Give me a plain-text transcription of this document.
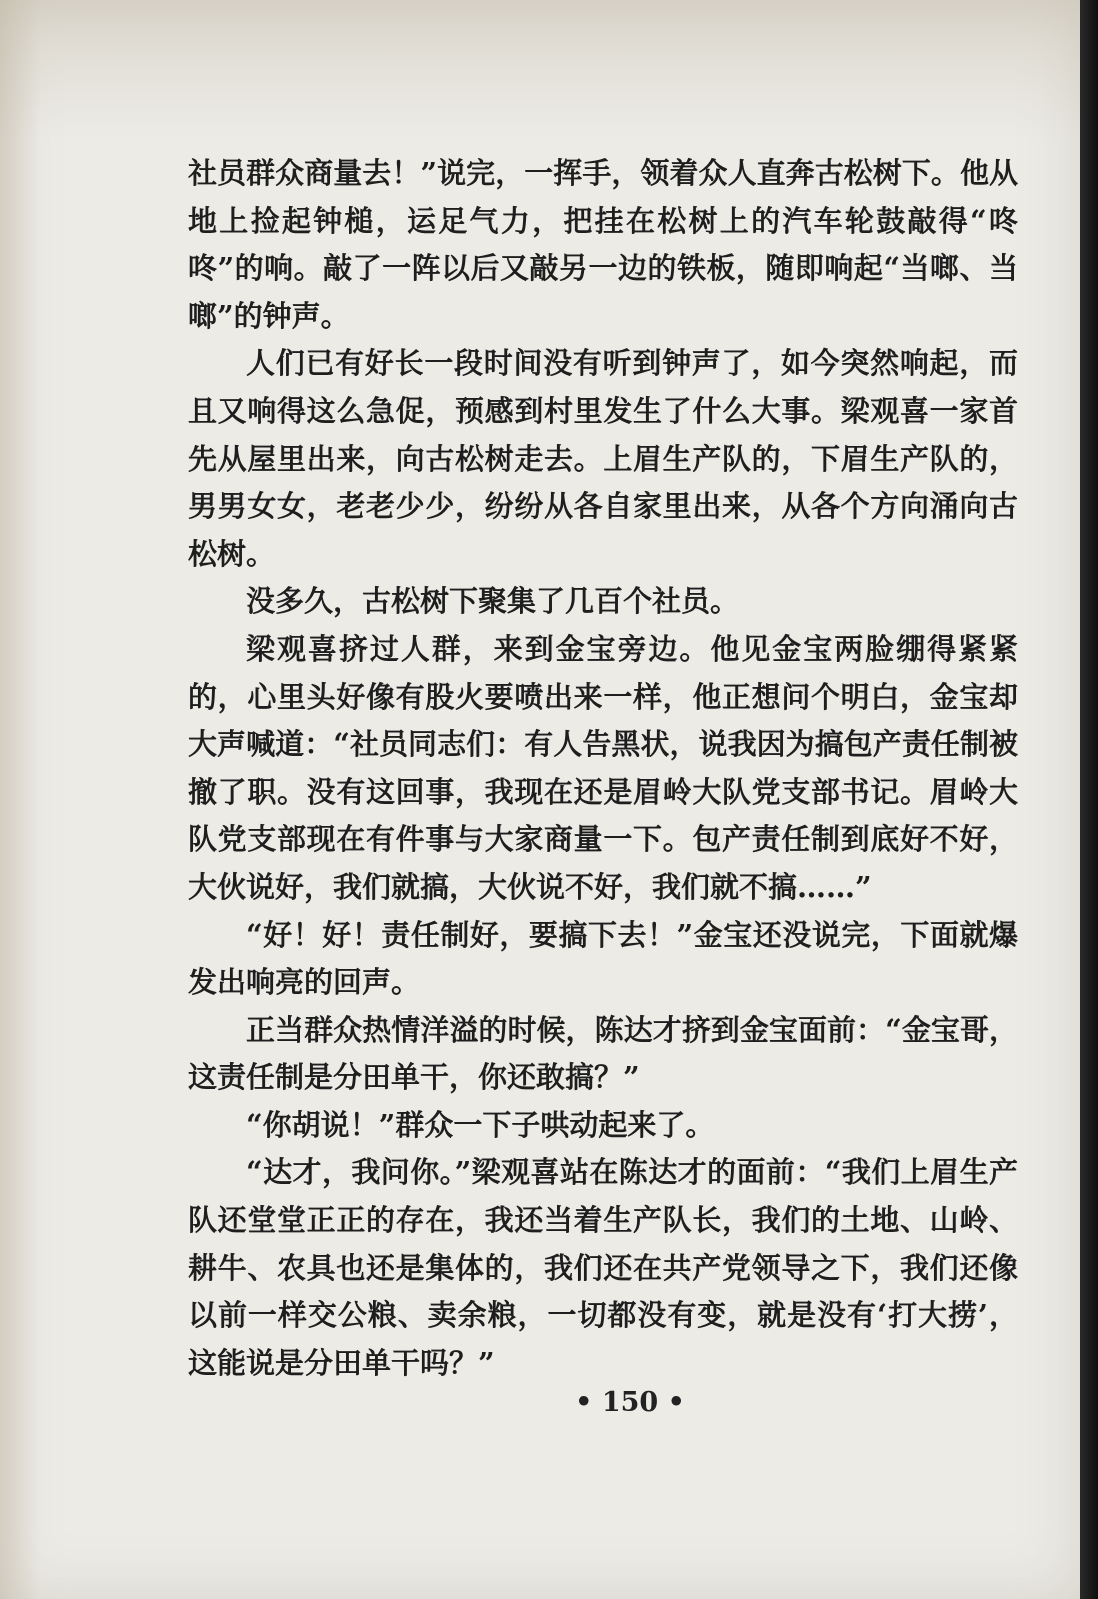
社员群众商量去！”说完，一挥手，领着众人直奔古松树下。他从地上捡起钟槌，运足气力，把挂在松树上的汽车轮鼓敲得“咚咚”的响。敲了一阵以后又敲另一边的铁板，随即响起“当啷、当啷”的钟声。

人们已有好长一段时间没有听到钟声了，如今突然响起，而且又响得这么急促，预感到村里发生了什么大事。梁观喜一家首先从屋里出来，向古松树走去。上眉生产队的，下眉生产队的，男男女女，老老少少，纷纷从各自家里出来，从各个方向涌向古松树。

没多久，古松树下聚集了几百个社员。

梁观喜挤过人群，来到金宝旁边。他见金宝两脸绷得紧紧的，心里头好像有股火要喷出来一样，他正想问个明白，金宝却大声喊道：“社员同志们：有人告黑状，说我因为搞包产责任制被撤了职。没有这回事，我现在还是眉岭大队党支部书记。眉岭大队党支部现在有件事与大家商量一下。包产责任制到底好不好，大伙说好，我们就搞，大伙说不好，我们就不搞……”

“好！好！责任制好，要搞下去！”金宝还没说完，下面就爆发出响亮的回声。

正当群众热情洋溢的时候，陈达才挤到金宝面前：“金宝哥，这责任制是分田单干，你还敢搞？”

“你胡说！”群众一下子哄动起来了。

“达才，我问你。”梁观喜站在陈达才的面前：“我们上眉生产队还堂堂正正的存在，我还当着生产队长，我们的土地、山岭、耕牛、农具也还是集体的，我们还在共产党领导之下，我们还像以前一样交公粮、卖余粮，一切都没有变，就是没有‘打大捞’，这能说是分田单干吗？”

• 150 •
